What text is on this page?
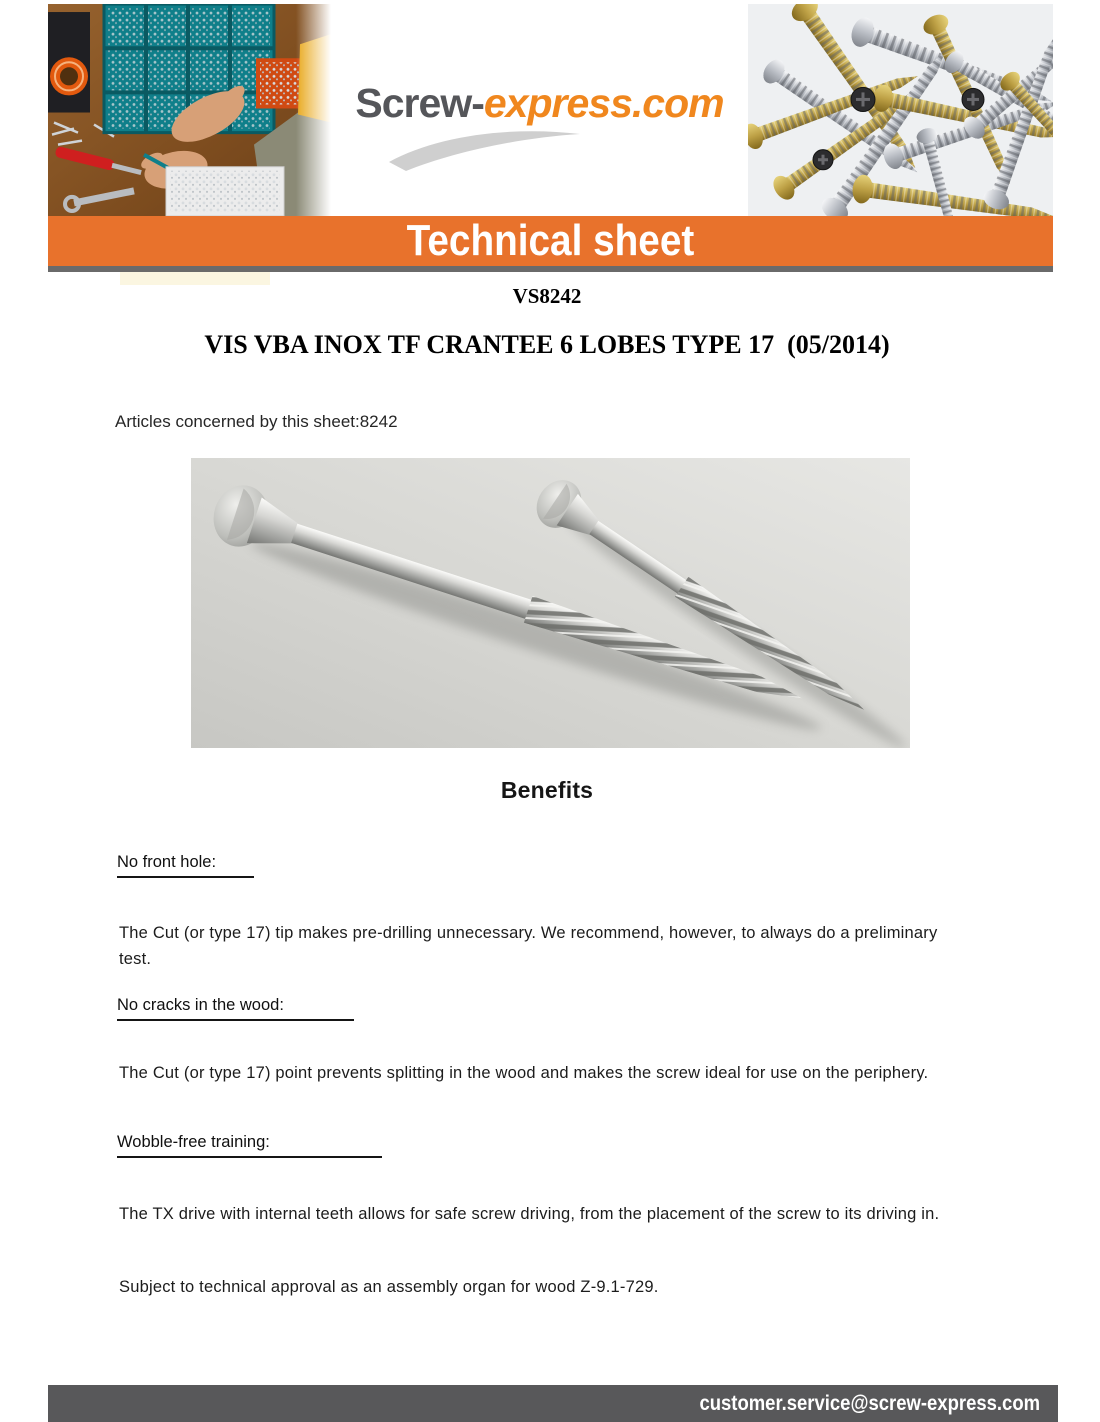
Screw-express.com
Technical sheet
VS8242
VIS VBA INOX TF CRANTEE 6 LOBES TYPE 17  (05/2014)
Articles concerned by this sheet:8242
Benefits
No front hole:

The Cut (or type 17) tip makes pre-drilling unnecessary. We recommend, however, to always do a preliminary test.

No cracks in the wood:

The Cut (or type 17) point prevents splitting in the wood and makes the screw ideal for use on the periphery.

Wobble-free training:

The TX drive with internal teeth allows for safe screw driving, from the placement of the screw to its driving in.

Subject to technical approval as an assembly organ for wood Z-9.1-729.
customer.service@screw-express.com
